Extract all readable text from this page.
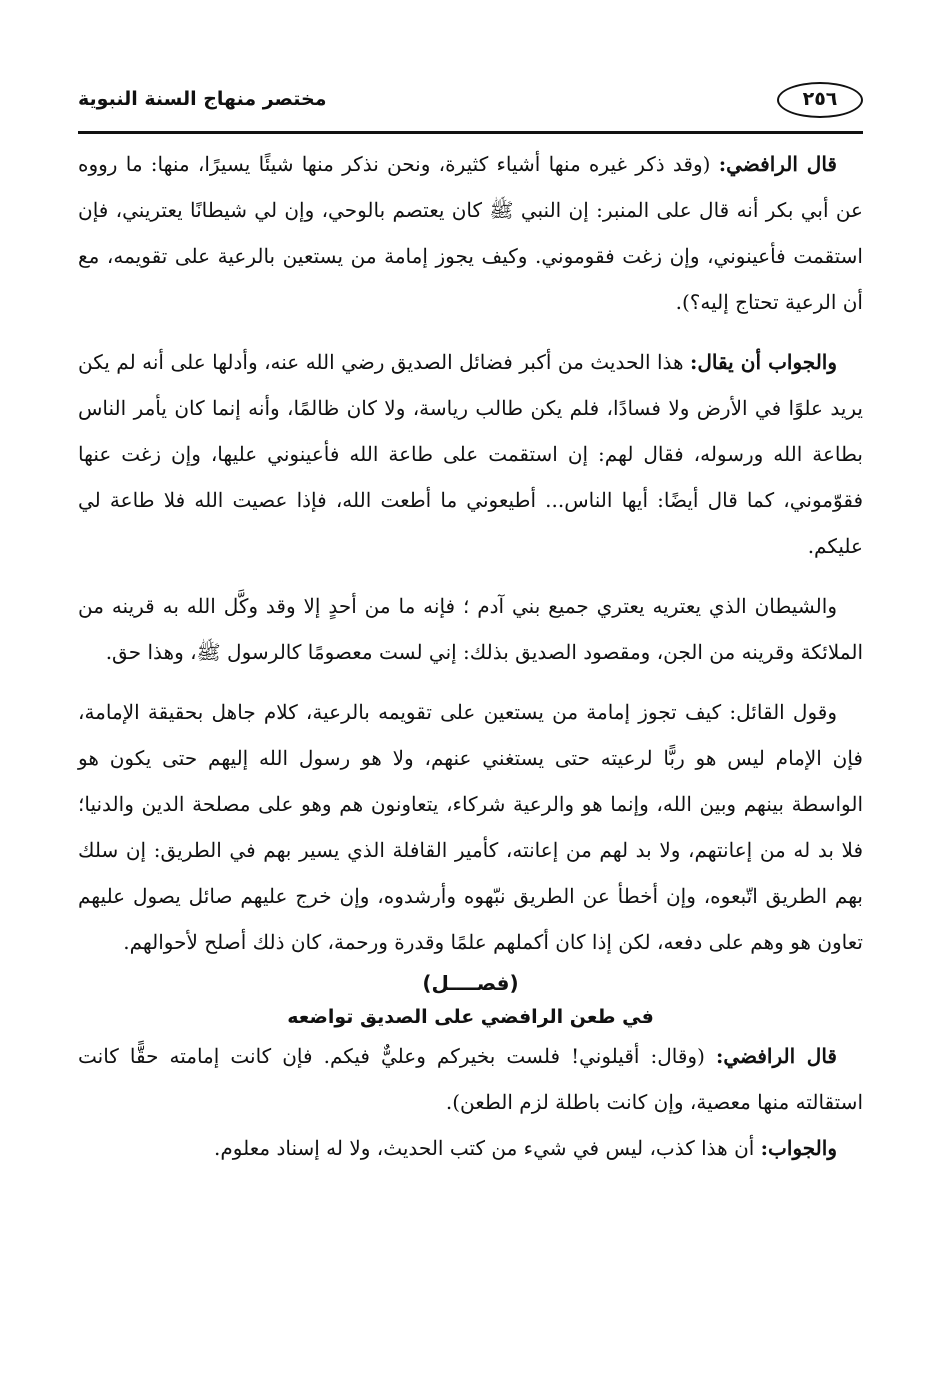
مختصر منهاج السنة النبوية	٢٥٦

قال الرافضي: (وقد ذكر غيره منها أشياء كثيرة، ونحن نذكر منها شيئًا يسيرًا، منها: ما رووه عن أبي بكر أنه قال على المنبر: إن النبي ﷺ كان يعتصم بالوحي، وإن لي شيطانًا يعتريني، فإن استقمت فأعينوني، وإن زغت فقوموني. وكيف يجوز إمامة من يستعين بالرعية على تقويمه، مع أن الرعية تحتاج إليه؟).

والجواب أن يقال: هذا الحديث من أكبر فضائل الصديق رضي الله عنه، وأدلها على أنه لم يكن يريد علوًا في الأرض ولا فسادًا، فلم يكن طالب رياسة، ولا كان ظالمًا، وأنه إنما كان يأمر الناس بطاعة الله ورسوله، فقال لهم: إن استقمت على طاعة الله فأعينوني عليها، وإن زغت عنها فقوّموني، كما قال أيضًا: أيها الناس... أطيعوني ما أطعت الله، فإذا عصيت الله فلا طاعة لي عليكم.

والشيطان الذي يعتريه يعتري جميع بني آدم ؛ فإنه ما من أحدٍ إلا وقد وكَّل الله به قرينه من الملائكة وقرينه من الجن، ومقصود الصديق بذلك: إني لست معصومًا كالرسول ﷺ، وهذا حق.

وقول القائل: كيف تجوز إمامة من يستعين على تقويمه بالرعية، كلام جاهل بحقيقة الإمامة، فإن الإمام ليس هو ربًّا لرعيته حتى يستغني عنهم، ولا هو رسول الله إليهم حتى يكون هو الواسطة بينهم وبين الله، وإنما هو والرعية شركاء، يتعاونون هم وهو على مصلحة الدين والدنيا؛ فلا بد له من إعانتهم، ولا بد لهم من إعانته، كأمير القافلة الذي يسير بهم في الطريق: إن سلك بهم الطريق اتّبعوه، وإن أخطأ عن الطريق نبّهوه وأرشدوه، وإن خرج عليهم صائل يصول عليهم تعاون هو وهم على دفعه، لكن إذا كان أكملهم علمًا وقدرة ورحمة، كان ذلك أصلح لأحوالهم.

(فصــــل)
في طعن الرافضي على الصديق تواضعه

قال الرافضي: (وقال: أقيلوني! فلست بخيركم وعليٌّ فيكم. فإن كانت إمامته حقًّا كانت استقالته منها معصية، وإن كانت باطلة لزم الطعن).

والجواب: أن هذا كذب، ليس في شيء من كتب الحديث، ولا له إسناد معلوم.
